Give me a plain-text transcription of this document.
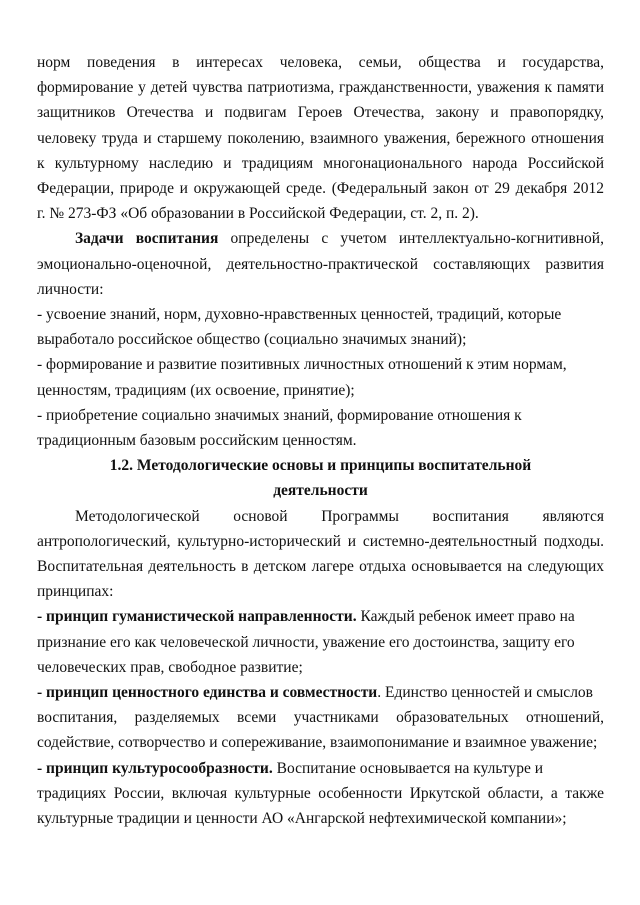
норм поведения в интересах человека, семьи, общества и государства,
формирование у детей чувства патриотизма, гражданственности, уважения к памяти
защитников Отечества и подвигам Героев Отечества, закону и правопорядку,
человеку труда и старшему поколению, взаимного уважения, бережного отношения
к культурному наследию и традициям многонационального народа Российской
Федерации, природе и окружающей среде. (Федеральный закон от 29 декабря 2012
г. № 273-ФЗ «Об образовании в Российской Федерации, ст. 2, п. 2).
Задачи воспитания определены с учетом интеллектуально-когнитивной,
эмоционально-оценочной, деятельностно-практической составляющих развития
личности:
- усвоение знаний, норм, духовно-нравственных ценностей, традиций, которые
выработало российское общество (социально значимых знаний);
- формирование и развитие позитивных личностных отношений к этим нормам,
ценностям, традициям (их освоение, принятие);
- приобретение социально значимых знаний, формирование отношения к
традиционным базовым российским ценностям.
1.2. Методологические основы и принципы воспитательной
деятельности
Методологической основой Программы воспитания являются
антропологический, культурно-исторический и системно-деятельностный подходы.
Воспитательная деятельность в детском лагере отдыха основывается на следующих
принципах:
- принцип гуманистической направленности. Каждый ребенок имеет право на
признание его как человеческой личности, уважение его достоинства, защиту его
человеческих прав, свободное развитие;
- принцип ценностного единства и совместности. Единство ценностей и смыслов
воспитания, разделяемых всеми участниками образовательных отношений,
содействие, сотворчество и сопереживание, взаимопонимание и взаимное уважение;
- принцип культуросообразности. Воспитание основывается на культуре и
традициях России, включая культурные особенности Иркутской области, а также
культурные традиции и ценности АО «Ангарской нефтехимической компании»;
